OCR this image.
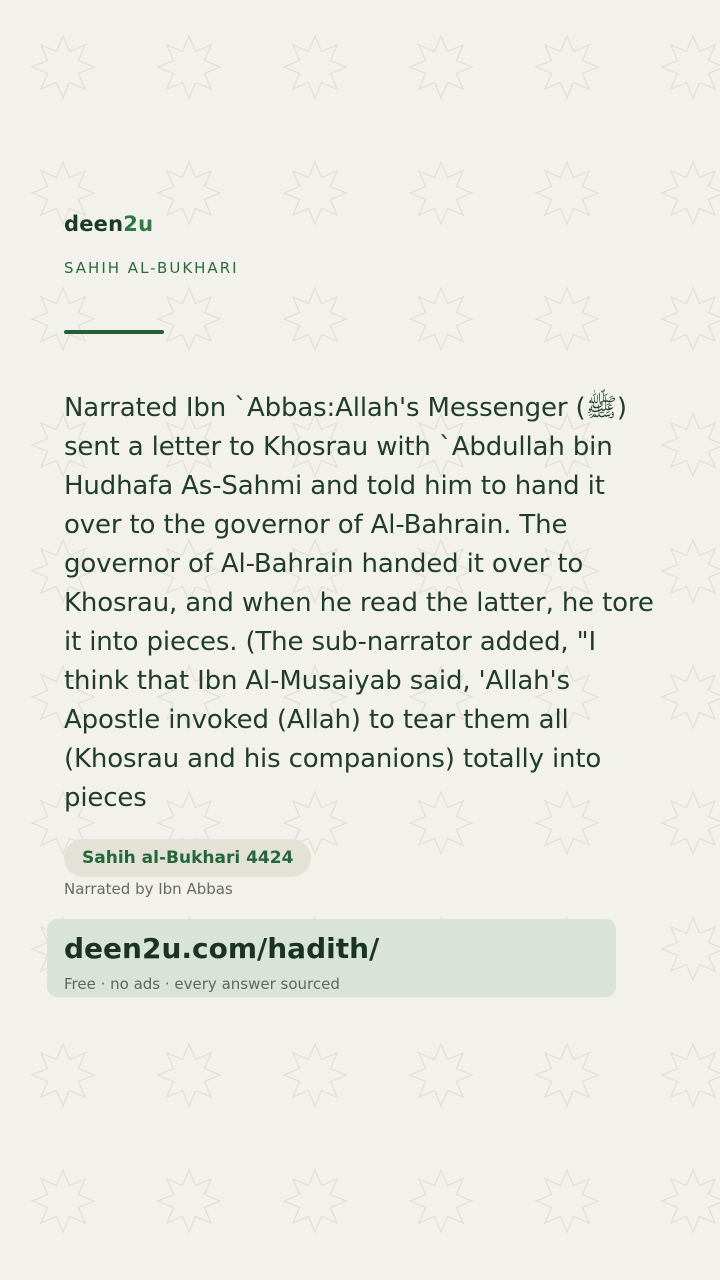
deen2u
SAHIH AL-BUKHARI
Narrated Ibn `Abbas:Allah's Messenger (ﷺ) sent a letter to Khosrau with `Abdullah bin Hudhafa As-Sahmi and told him to hand it over to the governor of Al-Bahrain. The governor of Al-Bahrain handed it over to Khosrau, and when he read the latter, he tore it into pieces. (The sub-narrator added, "I think that Ibn Al-Musaiyab said, 'Allah's Apostle invoked (Allah) to tear them all (Khosrau and his companions) totally into pieces
Sahih al-Bukhari 4424
Narrated by Ibn Abbas
deen2u.com/hadith/
Free · no ads · every answer sourced
